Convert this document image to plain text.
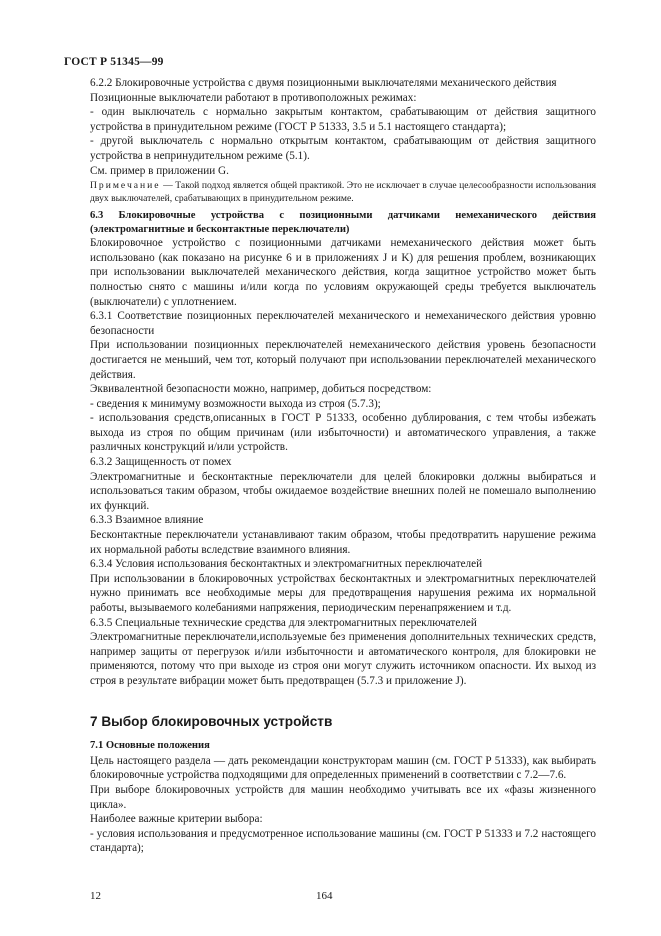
ГОСТ Р 51345—99

6.2.2 Блокировочные устройства с двумя позиционными выключателями механического действия

Позиционные выключатели работают в противоположных режимах:

- один выключатель с нормально закрытым контактом, срабатывающим от действия защитного устройства в принудительном режиме (ГОСТ Р 51333, 3.5 и 5.1 настоящего стандарта);

- другой выключатель с нормально открытым контактом, срабатывающим от действия защитного устройства в непринудительном режиме (5.1).

См. пример в приложении G.

Примечание — Такой подход является общей практикой. Это не исключает в случае целесообразности использования двух выключателей, срабатывающих в принудительном режиме.

6.3 Блокировочные устройства с позиционными датчиками немеханического действия (электромагнитные и бесконтактные переключатели)

Блокировочное устройство с позиционными датчиками немеханического действия может быть использовано (как показано на рисунке 6 и в приложениях J и K) для решения проблем, возникающих при использовании выключателей механического действия, когда защитное устройство может быть полностью снято с машины и/или когда по условиям окружающей среды требуется выключатель (выключатели) с уплотнением.

6.3.1 Соответствие позиционных переключателей механического и немеханического действия уровню безопасности

При использовании позиционных переключателей немеханического действия уровень безопасности достигается не меньший, чем тот, который получают при использовании переключателей механического действия.

Эквивалентной безопасности можно, например, добиться посредством:

- сведения к минимуму возможности выхода из строя (5.7.3);

- использования средств,описанных в ГОСТ Р 51333, особенно дублирования, с тем чтобы избежать выхода из строя по общим причинам (или избыточности) и автоматического управления, а также различных конструкций и/или устройств.

6.3.2 Защищенность от помех

Электромагнитные и бесконтактные переключатели для целей блокировки должны выбираться и использоваться таким образом, чтобы ожидаемое воздействие внешних полей не помешало выполнению их функций.

6.3.3 Взаимное влияние

Бесконтактные переключатели устанавливают таким образом, чтобы предотвратить нарушение режима их нормальной работы вследствие взаимного влияния.

6.3.4 Условия использования бесконтактных и электромагнитных переключателей

При использовании в блокировочных устройствах бесконтактных и электромагнитных переключателей нужно принимать все необходимые меры для предотвращения нарушения режима их нормальной работы, вызываемого колебаниями напряжения, периодическим перенапряжением и т.д.

6.3.5 Специальные технические средства для электромагнитных переключателей

Электромагнитные переключатели,используемые без применения дополнительных технических средств, например защиты от перегрузок и/или избыточности и автоматического контроля, для блокировки не применяются, потому что при выходе из строя они могут служить источником опасности. Их выход из строя в результате вибрации может быть предотвращен (5.7.3 и приложение J).

7 Выбор блокировочных устройств

7.1 Основные положения

Цель настоящего раздела — дать рекомендации конструкторам машин (см. ГОСТ Р 51333), как выбирать блокировочные устройства подходящими для определенных применений в соответствии с 7.2—7.6.

При выборе блокировочных устройств для машин необходимо учитывать все их «фазы жизненного цикла».

Наиболее важные критерии выбора:

- условия использования и предусмотренное использование машины (см. ГОСТ Р 51333 и 7.2 настоящего стандарта);

12	164
